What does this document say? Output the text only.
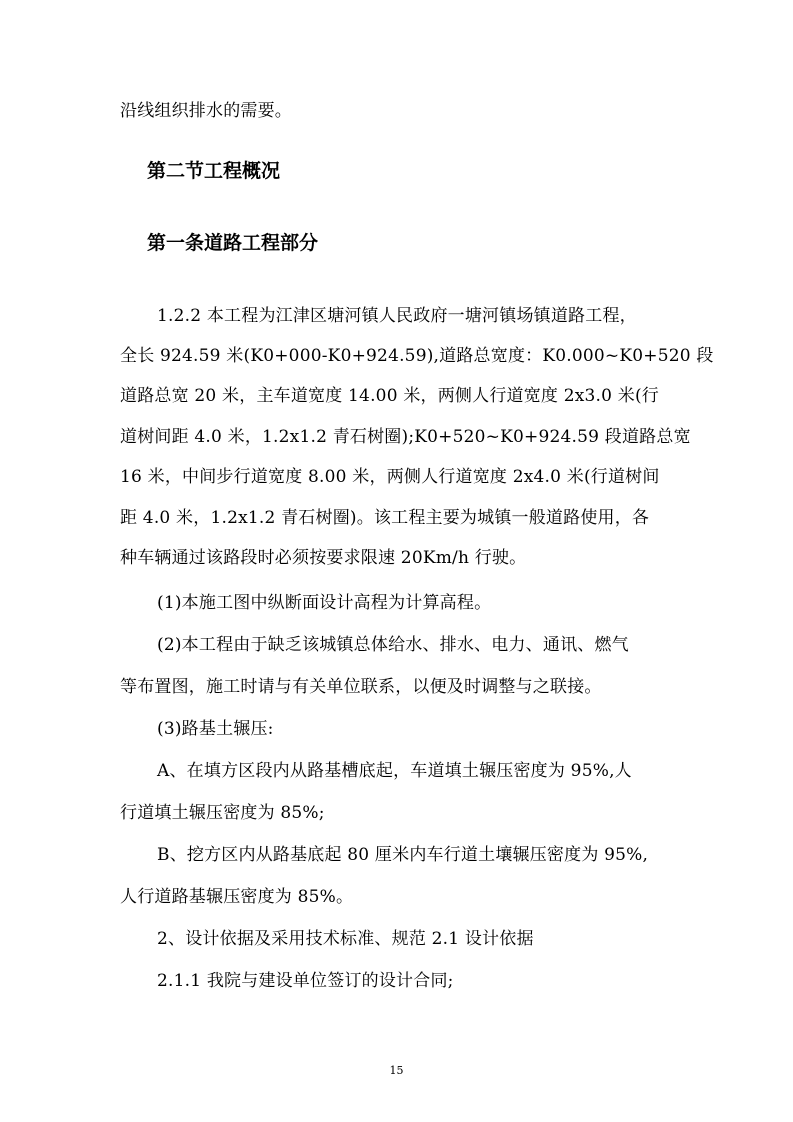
沿线组织排水的需要。
第二节工程概况
第一条道路工程部分
1.2.2 本工程为江津区塘河镇人民政府一塘河镇场镇道路工程，
全长 924.59 米(K0+000-K0+924.59),道路总宽度：K0.000~K0+520 段
道路总宽 20 米，主车道宽度 14.00 米，两侧人行道宽度 2x3.0 米(行
道树间距 4.0 米，1.2x1.2 青石树圈);K0+520~K0+924.59 段道路总宽
16 米，中间步行道宽度 8.00 米，两侧人行道宽度 2x4.0 米(行道树间
距 4.0 米，1.2x1.2 青石树圈)。该工程主要为城镇一般道路使用，各
种车辆通过该路段时必须按要求限速 20Km/h 行驶。
(1)本施工图中纵断面设计高程为计算高程。
(2)本工程由于缺乏该城镇总体给水、排水、电力、通讯、燃气
等布置图，施工时请与有关单位联系，以便及时调整与之联接。
(3)路基土辗压:
A、在填方区段内从路基槽底起，车道填土辗压密度为 95%,人
行道填土辗压密度为 85%;
B、挖方区内从路基底起 80 厘米内车行道土壤辗压密度为 95%,
人行道路基辗压密度为 85%。
2、设计依据及采用技术标准、规范 2.1 设计依据
2.1.1 我院与建设单位签订的设计合同;
15
